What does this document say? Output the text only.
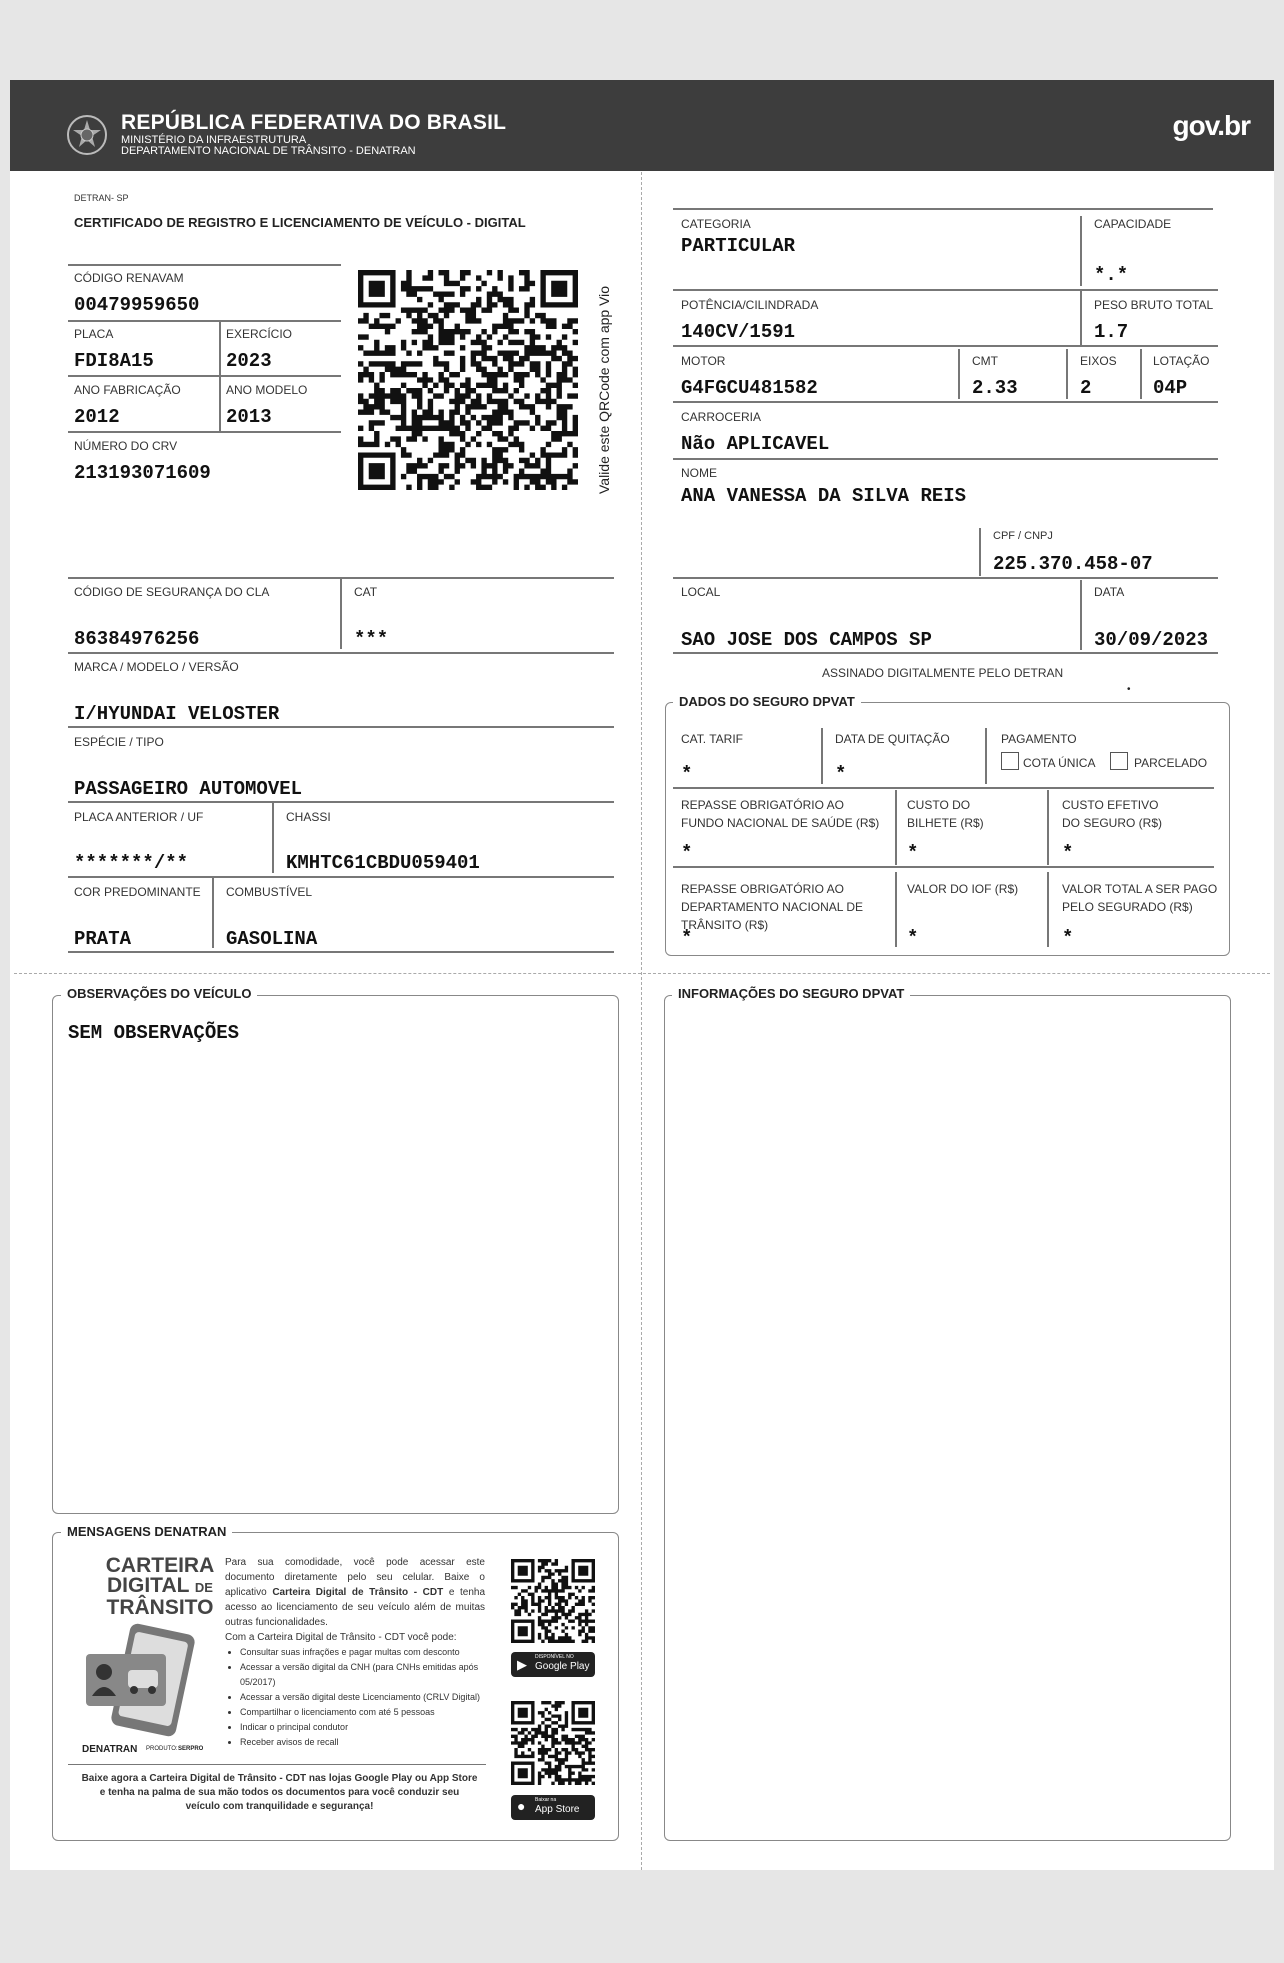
REPÚBLICA FEDERATIVA DO BRASIL
MINISTÉRIO DA INFRAESTRUTURA
DEPARTAMENTO NACIONAL DE TRÂNSITO - DENATRAN
gov.br
DETRAN- SP
CERTIFICADO DE REGISTRO E LICENCIAMENTO DE VEÍCULO - DIGITAL
CÓDIGO RENAVAM
00479959650
PLACA
FDI8A15
EXERCÍCIO
2023
ANO FABRICAÇÃO
2012
ANO MODELO
2013
NÚMERO DO CRV
213193071609	Valide este QRCode com app Vio
CÓDIGO DE SEGURANÇA DO CLA
86384976256
CAT
***
MARCA / MODELO / VERSÃO
I/HYUNDAI VELOSTER
ESPÉCIE / TIPO
PASSAGEIRO AUTOMOVEL
PLACA ANTERIOR / UF
*******/**
CHASSI
KMHTC61CBDU059401
COR PREDOMINANTE
PRATA
COMBUSTÍVEL
GASOLINA
CATEGORIA
PARTICULAR
CAPACIDADE
*.*
POTÊNCIA/CILINDRADA
140CV/1591
PESO BRUTO TOTAL
1.7
MOTOR
G4FGCU481582
CMT
2.33
EIXOS
2
LOTAÇÃO
04P
CARROCERIA
Não APLICAVEL
NOME
ANA VANESSA DA SILVA REIS
CPF / CNPJ
225.370.458-07
LOCAL
SAO JOSE DOS CAMPOS SP
DATA
30/09/2023
ASSINADO DIGITALMENTE PELO DETRAN
•
DADOS DO SEGURO DPVAT
CAT. TARIF
*
DATA DE QUITAÇÃO
*
PAGAMENTO
COTA ÚNICA	PARCELADO
REPASSE OBRIGATÓRIO AO
FUNDO NACIONAL DE SAÚDE (R$)
*
CUSTO DO
BILHETE (R$)
*
CUSTO EFETIVO
DO SEGURO (R$)
*
REPASSE OBRIGATÓRIO AO
DEPARTAMENTO NACIONAL DE
TRÂNSITO (R$)
*
VALOR DO IOF (R$)
*
VALOR TOTAL A SER PAGO
PELO SEGURADO (R$)
*
OBSERVAÇÕES DO VEÍCULO
SEM OBSERVAÇÕES
INFORMAÇÕES DO SEGURO DPVAT
MENSAGENS DENATRAN
CARTEIRA
DIGITAL DE
TRÂNSITO
DENATRAN PRODUTO: SERPRO
Para sua comodidade, você pode acessar este documento diretamente pelo seu celular. Baixe o aplicativo Carteira Digital de Trânsito - CDT e tenha acesso ao licenciamento de seu veículo além de muitas outras funcionalidades.
Com a Carteira Digital de Trânsito - CDT você pode:
• Consultar suas infrações e pagar multas com desconto
• Acessar a versão digital da CNH (para CNHs emitidas após 05/2017)
• Acessar a versão digital deste Licenciamento (CRLV Digital)
• Compartilhar o licenciamento com até 5 pessoas
• Indicar o principal condutor
• Receber avisos de recall
Baixe agora a Carteira Digital de Trânsito - CDT nas lojas Google Play ou App Store
e tenha na palma de sua mão todos os documentos para você conduzir seu
veículo com tranquilidade e segurança!
▶ DISPONÍVEL NO
Google Play
● Baixar na
App Store
